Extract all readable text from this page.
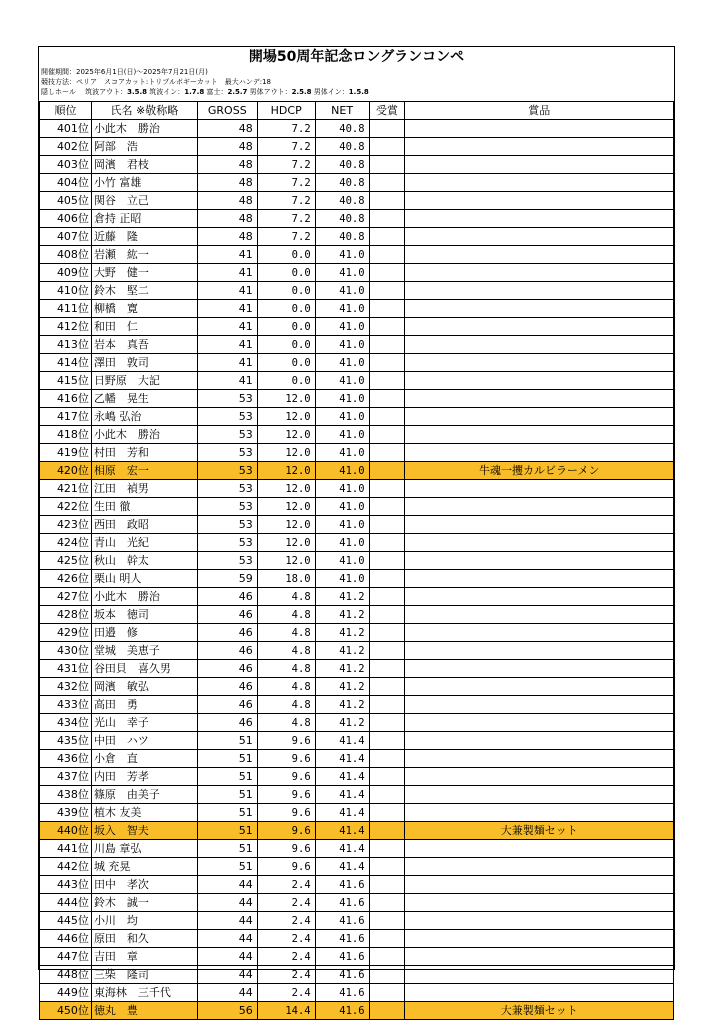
開場50周年記念ロングランコンペ
開催期間：2025年6月1日(日)～2025年7月21日(月)
競技方法：ペリア　スコアカット:トリプルボギーカット　最大ハンデ:18
隠しホール　 筑波アウト：3.5.8 筑波イン：1.7.8 富士：2.5.7 男体アウト：2.5.8 男体イン：1.5.8
順位	氏名 ※敬称略	GROSS	HDCP	NET	受賞	賞品
401位	小此木　勝治	48	7.2	40.8		
402位	阿部　浩	48	7.2	40.8		
403位	岡濱　君枝	48	7.2	40.8		
404位	小竹 富雄	48	7.2	40.8		
405位	関谷　立己	48	7.2	40.8		
406位	倉持 正昭	48	7.2	40.8		
407位	近藤　隆	48	7.2	40.8		
408位	岩瀬　紘一	41	0.0	41.0		
409位	大野　健一	41	0.0	41.0		
410位	鈴木　堅二	41	0.0	41.0		
411位	柳橋　寛	41	0.0	41.0		
412位	和田　仁	41	0.0	41.0		
413位	岩本　真吾	41	0.0	41.0		
414位	澤田　敦司	41	0.0	41.0		
415位	日野原　大記	41	0.0	41.0		
416位	乙幡　晃生	53	12.0	41.0		
417位	永嶋 弘治	53	12.0	41.0		
418位	小此木　勝治	53	12.0	41.0		
419位	村田　芳和	53	12.0	41.0		
420位	相原　宏一	53	12.0	41.0		牛魂一攫カルビラーメン
421位	江田　禎男	53	12.0	41.0		
422位	生田 徹	53	12.0	41.0		
423位	西田　政昭	53	12.0	41.0		
424位	青山　光紀	53	12.0	41.0		
425位	秋山　幹太	53	12.0	41.0		
426位	栗山 明人	59	18.0	41.0		
427位	小此木　勝治	46	4.8	41.2		
428位	坂本　徳司	46	4.8	41.2		
429位	田邉　修	46	4.8	41.2		
430位	堂城　美恵子	46	4.8	41.2		
431位	谷田貝　喜久男	46	4.8	41.2		
432位	岡濱　敏弘	46	4.8	41.2		
433位	高田　勇	46	4.8	41.2		
434位	光山　幸子	46	4.8	41.2		
435位	中田　ハツ	51	9.6	41.4		
436位	小倉　直	51	9.6	41.4		
437位	内田　芳孝	51	9.6	41.4		
438位	篠原　由美子	51	9.6	41.4		
439位	植木 友美	51	9.6	41.4		
440位	坂入　智夫	51	9.6	41.4		大兼製麺セット
441位	川島 章弘	51	9.6	41.4		
442位	城 充晃	51	9.6	41.4		
443位	田中　孝次	44	2.4	41.6		
444位	鈴木　誠一	44	2.4	41.6		
445位	小川　均	44	2.4	41.6		
446位	原田　和久	44	2.4	41.6		
447位	吉田　章	44	2.4	41.6		
448位	三柴　隆司	44	2.4	41.6		
449位	東海林　三千代	44	2.4	41.6		
450位	徳丸　豊	56	14.4	41.6		大兼製麺セット
